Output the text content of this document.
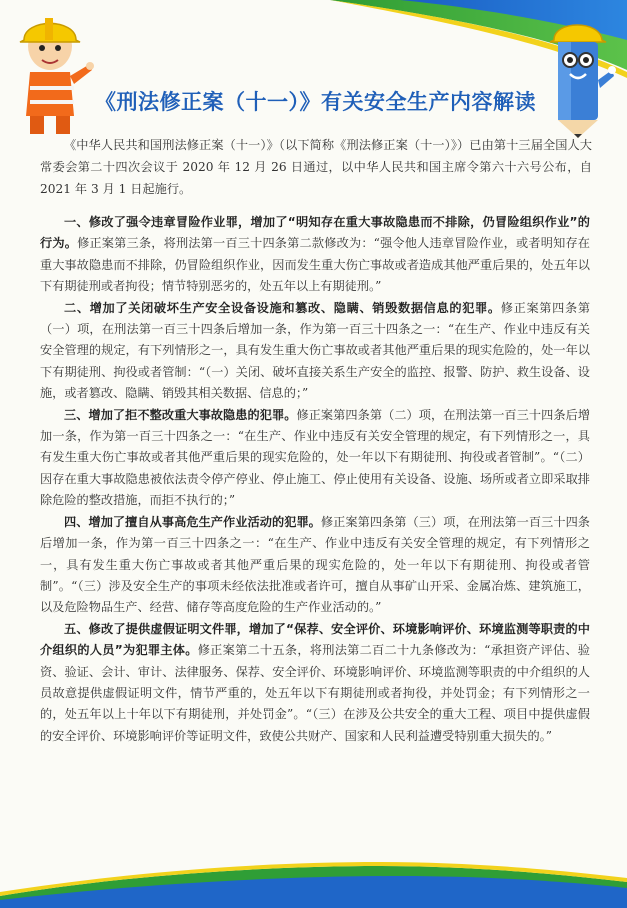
《刑法修正案（十一）》有关安全生产内容解读
《中华人民共和国刑法修正案（十一）》（以下简称《刑法修正案（十一）》）已由第十三届全国人大常委会第二十四次会议于 2020 年 12 月 26 日通过，以中华人民共和国主席令第六十六号公布，自 2021 年 3 月 1 日起施行。

一、修改了强令违章冒险作业罪，增加了“明知存在重大事故隐患而不排除，仍冒险组织作业”的行为。修正案第三条，将刑法第一百三十四条第二款修改为：“强令他人违章冒险作业，或者明知存在重大事故隐患而不排除，仍冒险组织作业，因而发生重大伤亡事故或者造成其他严重后果的，处五年以下有期徒刑或者拘役；情节特别恶劣的，处五年以上有期徒刑。”

二、增加了关闭破坏生产安全设备设施和篡改、隐瞒、销毁数据信息的犯罪。修正案第四条第（一）项，在刑法第一百三十四条后增加一条，作为第一百三十四条之一：“在生产、作业中违反有关安全管理的规定，有下列情形之一，具有发生重大伤亡事故或者其他严重后果的现实危险的，处一年以下有期徒刑、拘役或者管制：“（一）关闭、破坏直接关系生产安全的监控、报警、防护、救生设备、设施，或者篡改、隐瞒、销毁其相关数据、信息的；”

三、增加了拒不整改重大事故隐患的犯罪。修正案第四条第（二）项，在刑法第一百三十四条后增加一条，作为第一百三十四条之一：“在生产、作业中违反有关安全管理的规定，有下列情形之一，具有发生重大伤亡事故或者其他严重后果的现实危险的，处一年以下有期徒刑、拘役或者管制”。“（二）因存在重大事故隐患被依法责令停产停业、停止施工、停止使用有关设备、设施、场所或者立即采取排除危险的整改措施，而拒不执行的；”

四、增加了擅自从事高危生产作业活动的犯罪。修正案第四条第（三）项，在刑法第一百三十四条后增加一条，作为第一百三十四条之一：“在生产、作业中违反有关安全管理的规定，有下列情形之一，具有发生重大伤亡事故或者其他严重后果的现实危险的，处一年以下有期徒刑、拘役或者管制”。“（三）涉及安全生产的事项未经依法批准或者许可，擅自从事矿山开采、金属冶炼、建筑施工，以及危险物品生产、经营、储存等高度危险的生产作业活动的。”

五、修改了提供虚假证明文件罪，增加了“保荐、安全评价、环境影响评价、环境监测等职责的中介组织的人员”为犯罪主体。修正案第二十五条，将刑法第二百二十九条修改为：“承担资产评估、验资、验证、会计、审计、法律服务、保荐、安全评价、环境影响评价、环境监测等职责的中介组织的人员故意提供虚假证明文件，情节严重的，处五年以下有期徒刑或者拘役，并处罚金；有下列情形之一的，处五年以上十年以下有期徒刑，并处罚金”。“（三）在涉及公共安全的重大工程、项目中提供虚假的安全评价、环境影响评价等证明文件，致使公共财产、国家和人民利益遭受特别重大损失的。”
